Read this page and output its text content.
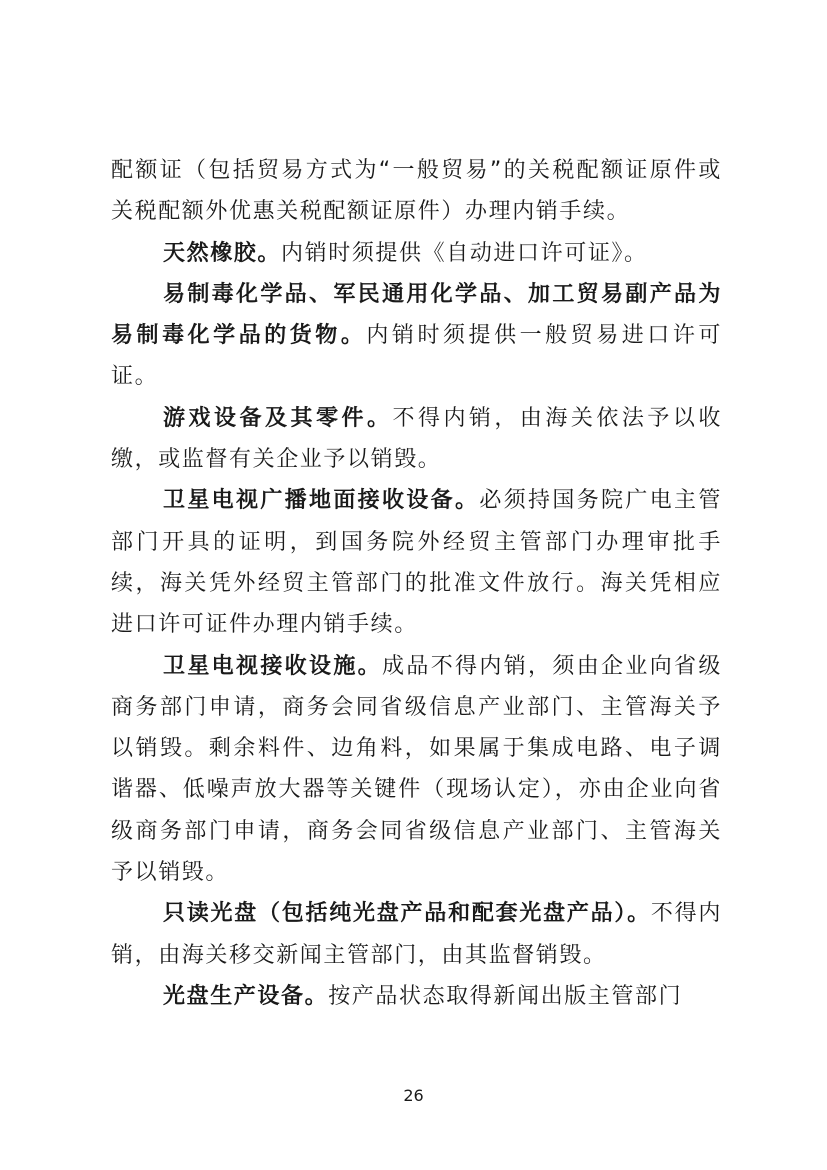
配额证（包括贸易方式为“一般贸易”的关税配额证原件或关税配额外优惠关税配额证原件）办理内销手续。

天然橡胶。内销时须提供《自动进口许可证》。

易制毒化学品、军民通用化学品、加工贸易副产品为易制毒化学品的货物。内销时须提供一般贸易进口许可证。

游戏设备及其零件。不得内销，由海关依法予以收缴，或监督有关企业予以销毁。

卫星电视广播地面接收设备。必须持国务院广电主管部门开具的证明，到国务院外经贸主管部门办理审批手续，海关凭外经贸主管部门的批准文件放行。海关凭相应进口许可证件办理内销手续。

卫星电视接收设施。成品不得内销，须由企业向省级商务部门申请，商务会同省级信息产业部门、主管海关予以销毁。剩余料件、边角料，如果属于集成电路、电子调谐器、低噪声放大器等关键件（现场认定），亦由企业向省级商务部门申请，商务会同省级信息产业部门、主管海关予以销毁。

只读光盘（包括纯光盘产品和配套光盘产品）。不得内销，由海关移交新闻主管部门，由其监督销毁。

光盘生产设备。按产品状态取得新闻出版主管部门

26
